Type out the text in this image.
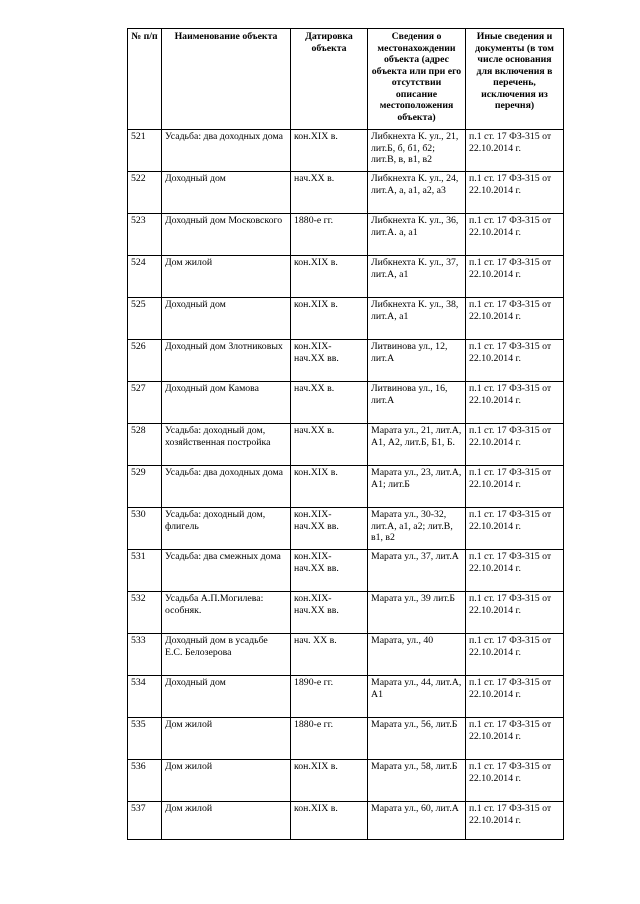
№ п/п	Наименование объекта	Датировка объекта	Сведения о местонахождении объекта (адрес объекта или при его отсутствии описание местоположения объекта)	Иные сведения и документы (в том числе основания для включения в перечень, исключения из перечня)
521	Усадьба: два доходных дома	кон.XIX в.	Либкнехта К. ул., 21, лит.Б, б, б1, б2; лит.В, в, в1, в2	п.1 ст. 17 ФЗ-315 от 22.10.2014 г.
522	Доходный дом	нач.XX в.	Либкнехта К. ул., 24, лит.А, а, а1, а2, а3	п.1 ст. 17 ФЗ-315 от 22.10.2014 г.
523	Доходный дом Московского	1880-е гг.	Либкнехта К. ул., 36, лит.А. а, а1	п.1 ст. 17 ФЗ-315 от 22.10.2014 г.
524	Дом жилой	кон.XIX в.	Либкнехта К. ул., 37, лит.А, а1	п.1 ст. 17 ФЗ-315 от 22.10.2014 г.
525	Доходный дом	кон.XIX в.	Либкнехта К. ул., 38, лит.А, а1	п.1 ст. 17 ФЗ-315 от 22.10.2014 г.
526	Доходный дом Злотниковых	кон.XIX- нач.XX вв.	Литвинова ул., 12, лит.А	п.1 ст. 17 ФЗ-315 от 22.10.2014 г.
527	Доходный дом Камова	нач.XX в.	Литвинова ул., 16, лит.А	п.1 ст. 17 ФЗ-315 от 22.10.2014 г.
528	Усадьба: доходный дом, хозяйственная постройка	нач.XX в.	Марата ул., 21, лит.А, А1, А2, лит.Б, Б1, Б.	п.1 ст. 17 ФЗ-315 от 22.10.2014 г.
529	Усадьба: два доходных дома	кон.XIX в.	Марата ул., 23, лит.А, А1; лит.Б	п.1 ст. 17 ФЗ-315 от 22.10.2014 г.
530	Усадьба: доходный дом, флигель	кон.XIX- нач.XX вв.	Марата ул., 30-32, лит.А, а1, а2; лит.В, в1, в2	п.1 ст. 17 ФЗ-315 от 22.10.2014 г.
531	Усадьба: два смежных дома	кон.XIX- нач.XX вв.	Марата ул., 37, лит.А	п.1 ст. 17 ФЗ-315 от 22.10.2014 г.
532	Усадьба А.П.Могилева: особняк.	кон.XIX- нач.XX вв.	Марата ул., 39 лит.Б	п.1 ст. 17 ФЗ-315 от 22.10.2014 г.
533	Доходный дом в усадьбе Е.С. Белозерова	нач. XX в.	Марата, ул., 40	п.1 ст. 17 ФЗ-315 от 22.10.2014 г.
534	Доходный дом	1890-е гг.	Марата ул., 44, лит.А, А1	п.1 ст. 17 ФЗ-315 от 22.10.2014 г.
535	Дом жилой	1880-е гг.	Марата ул., 56, лит.Б	п.1 ст. 17 ФЗ-315 от 22.10.2014 г.
536	Дом жилой	кон.XIX в.	Марата ул., 58, лит.Б	п.1 ст. 17 ФЗ-315 от 22.10.2014 г.
537	Дом жилой	кон.XIX в.	Марата ул., 60, лит.А	п.1 ст. 17 ФЗ-315 от 22.10.2014 г.
